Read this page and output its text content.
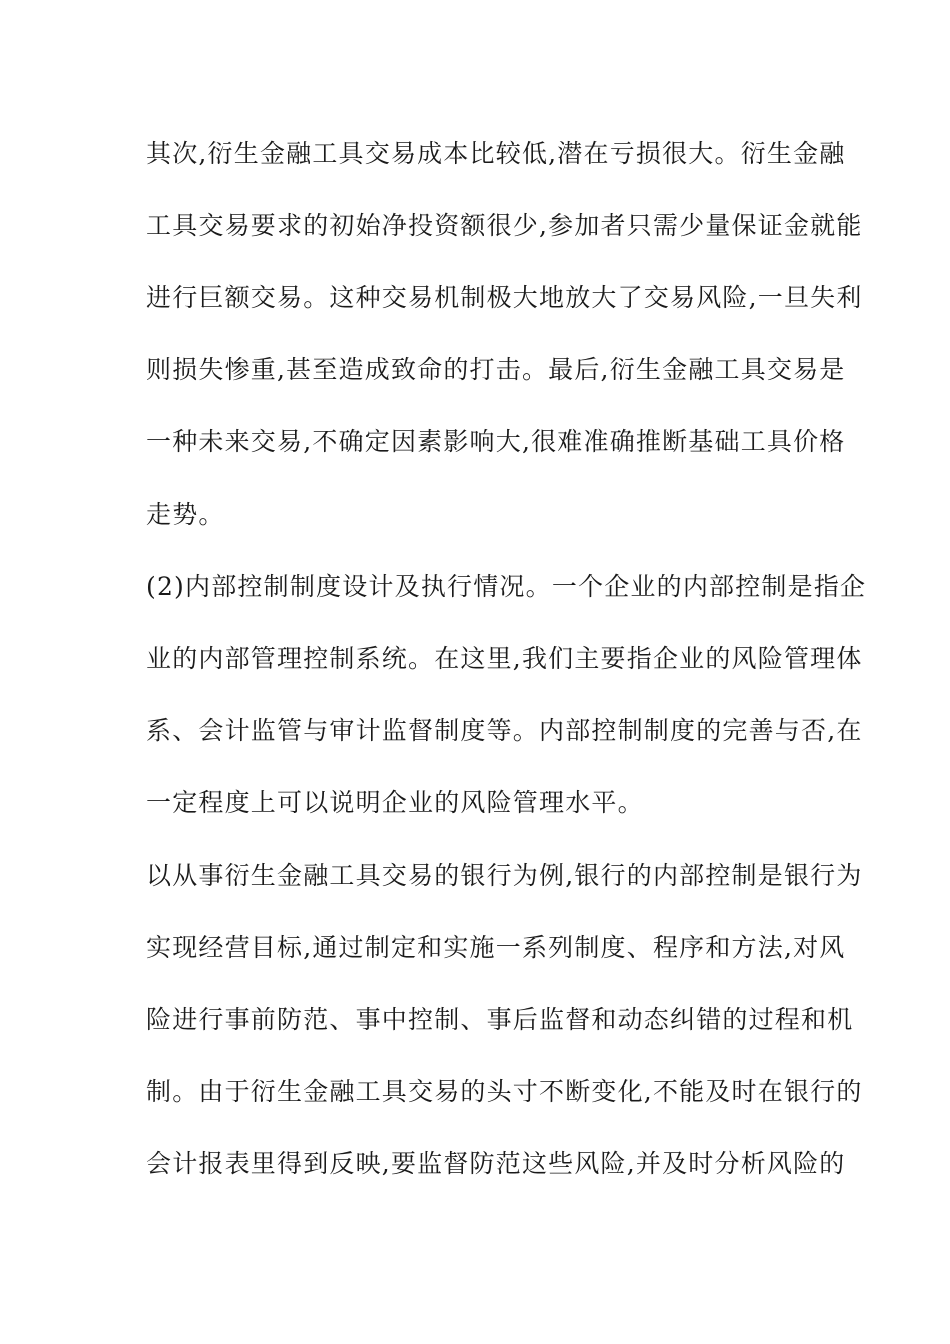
其次,衍生金融工具交易成本比较低,潜在亏损很大。衍生金融
工具交易要求的初始净投资额很少,参加者只需少量保证金就能
进行巨额交易。这种交易机制极大地放大了交易风险,一旦失利
则损失惨重,甚至造成致命的打击。最后,衍生金融工具交易是
一种未来交易,不确定因素影响大,很难准确推断基础工具价格
走势。
(2)内部控制制度设计及执行情况。一个企业的内部控制是指企
业的内部管理控制系统。在这里,我们主要指企业的风险管理体
系、会计监管与审计监督制度等。内部控制制度的完善与否,在
一定程度上可以说明企业的风险管理水平。
以从事衍生金融工具交易的银行为例,银行的内部控制是银行为
实现经营目标,通过制定和实施一系列制度、程序和方法,对风
险进行事前防范、事中控制、事后监督和动态纠错的过程和机
制。由于衍生金融工具交易的头寸不断变化,不能及时在银行的
会计报表里得到反映,要监督防范这些风险,并及时分析风险的
